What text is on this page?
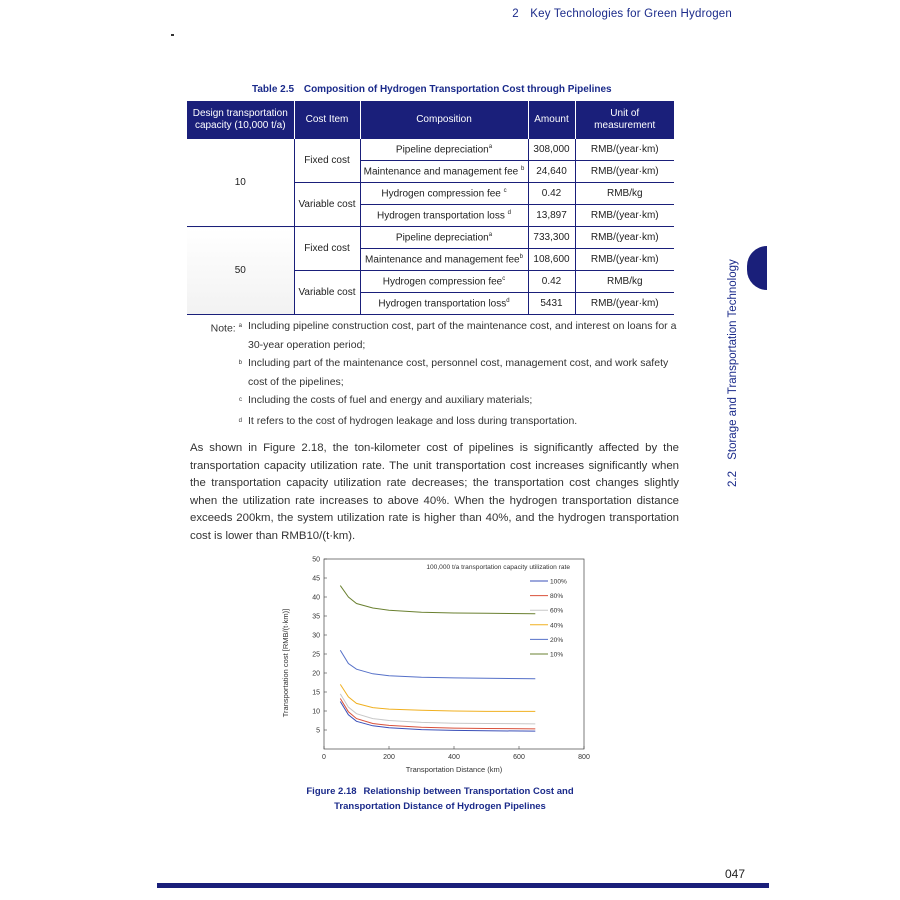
2 Key Technologies for Green Hydrogen
Table 2.5 Composition of Hydrogen Transportation Cost through Pipelines
Design transportation capacity (10,000 t/a)	Cost Item	Composition	Amount	Unit of measurement
10	Fixed cost	Pipeline depreciation$^a$	308,000	RMB/(year·km)
		Maintenance and management fee $^b$	24,640	RMB/(year·km)
	Variable cost	Hydrogen compression fee $^c$	0.42	RMB/kg
		Hydrogen transportation loss $^d$	13,897	RMB/(year·km)
50	Fixed cost	Pipeline depreciation$^a$	733,300	RMB/(year·km)
		Maintenance and management fee$^b$	108,600	RMB/(year·km)
	Variable cost	Hydrogen compression fee$^c$	0.42	RMB/kg
		Hydrogen transportation loss$^d$	5431	RMB/(year·km)
Note: $^a$ Including pipeline construction cost, part of the maintenance cost, and interest on loans for a
30-year operation period;
$^b$ Including part of the maintenance cost, personnel cost, management cost, and work safety
cost of the pipelines;
$^c$ Including the costs of fuel and energy and auxiliary materials;
$^d$ It refers to the cost of hydrogen leakage and loss during transportation.
As shown in Figure 2.18, the ton-kilometer cost of pipelines is significantly affected by the transportation capacity utilization rate. The unit transportation cost increases significantly when the transportation capacity utilization rate decreases; the transportation cost changes slightly when the utilization rate increases to above 40%. When the hydrogen transportation distance exceeds 200km, the system utilization rate is higher than 40%, and the hydrogen transportation cost is lower than RMB10/(t·km).
2.2 Storage and Transportation Technology
Transportation cost [RMB/(t·km)]
Transportation Distance (km)
0	200	400	600	800
5
10
15
20
25
30
35
40
45
50
100,000 t/a transportation capacity utilization rate
100%
80%
60%
40%
20%
10%
Figure 2.18 Relationship between Transportation Cost and
Transportation Distance of Hydrogen Pipelines
047
